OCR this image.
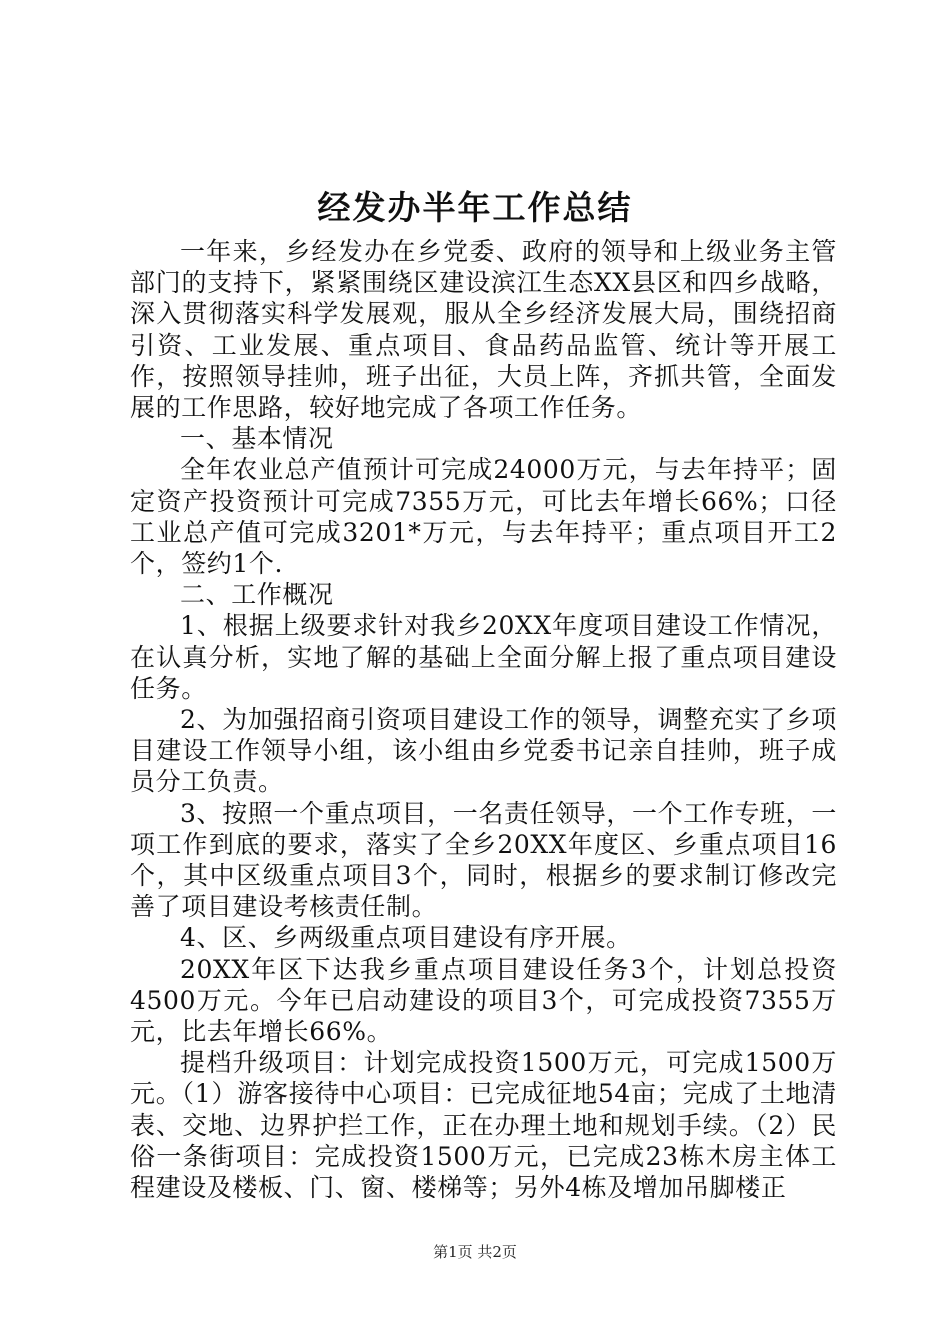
经发办半年工作总结

一年来，乡经发办在乡党委、政府的领导和上级业务主管部门的支持下，紧紧围绕区建设滨江生态XX县区和四乡战略，深入贯彻落实科学发展观，服从全乡经济发展大局，围绕招商引资、工业发展、重点项目、食品药品监管、统计等开展工作，按照领导挂帅，班子出征，大员上阵，齐抓共管，全面发展的工作思路，较好地完成了各项工作任务。

一、基本情况

全年农业总产值预计可完成24000万元，与去年持平；固定资产投资预计可完成7355万元，可比去年增长66%；口径工业总产值可完成3201*万元，与去年持平；重点项目开工2个，签约1个.

二、工作概况

1、根据上级要求针对我乡20XX年度项目建设工作情况，在认真分析，实地了解的基础上全面分解上报了重点项目建设任务。

2、为加强招商引资项目建设工作的领导，调整充实了乡项目建设工作领导小组，该小组由乡党委书记亲自挂帅，班子成员分工负责。

3、按照一个重点项目，一名责任领导，一个工作专班，一项工作到底的要求，落实了全乡20XX年度区、乡重点项目16个，其中区级重点项目3个，同时，根据乡的要求制订修改完善了项目建设考核责任制。

4、区、乡两级重点项目建设有序开展。

20XX年区下达我乡重点项目建设任务3个，计划总投资4500万元。今年已启动建设的项目3个，可完成投资7355万元，比去年增长66%。

提档升级项目：计划完成投资1500万元，可完成1500万元。（1）游客接待中心项目：已完成征地54亩；完成了土地清表、交地、边界护拦工作，正在办理土地和规划手续。（2）民俗一条街项目：完成投资1500万元，已完成23栋木房主体工程建设及楼板、门、窗、楼梯等；另外4栋及增加吊脚楼正

第1页 共2页
